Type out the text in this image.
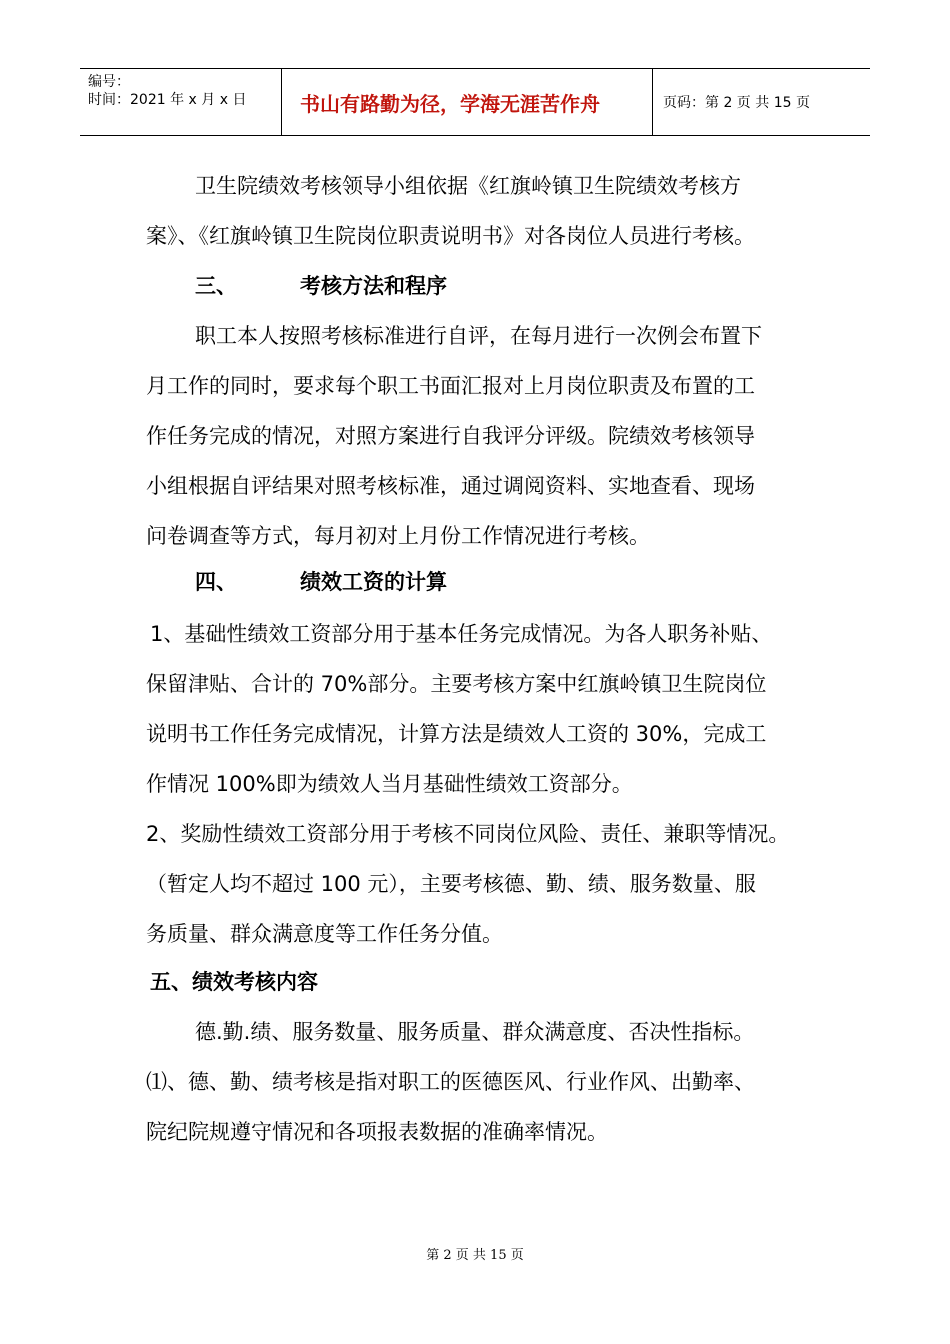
编号：
时间：2021 年 x 月 x 日	书山有路勤为径，学海无涯苦作舟	页码：第 2 页 共 15 页
卫生院绩效考核领导小组依据《红旗岭镇卫生院绩效考核方
案》、《红旗岭镇卫生院岗位职责说明书》对各岗位人员进行考核。
三、	考核方法和程序
职工本人按照考核标准进行自评，在每月进行一次例会布置下
月工作的同时，要求每个职工书面汇报对上月岗位职责及布置的工
作任务完成的情况，对照方案进行自我评分评级。院绩效考核领导
小组根据自评结果对照考核标准，通过调阅资料、实地查看、现场
问卷调查等方式，每月初对上月份工作情况进行考核。
四、	绩效工资的计算
1、基础性绩效工资部分用于基本任务完成情况。为各人职务补贴、
保留津贴、合计的 70%部分。主要考核方案中红旗岭镇卫生院岗位
说明书工作任务完成情况，计算方法是绩效人工资的 30%，完成工
作情况 100%即为绩效人当月基础性绩效工资部分。
2、奖励性绩效工资部分用于考核不同岗位风险、责任、兼职等情况。
（暂定人均不超过 100 元），主要考核德、勤、绩、服务数量、服
务质量、群众满意度等工作任务分值。
五、绩效考核内容
德.勤.绩、服务数量、服务质量、群众满意度、否决性指标。
⑴、德、勤、绩考核是指对职工的医德医风、行业作风、出勤率、
院纪院规遵守情况和各项报表数据的准确率情况。
第 2 页 共 15 页
